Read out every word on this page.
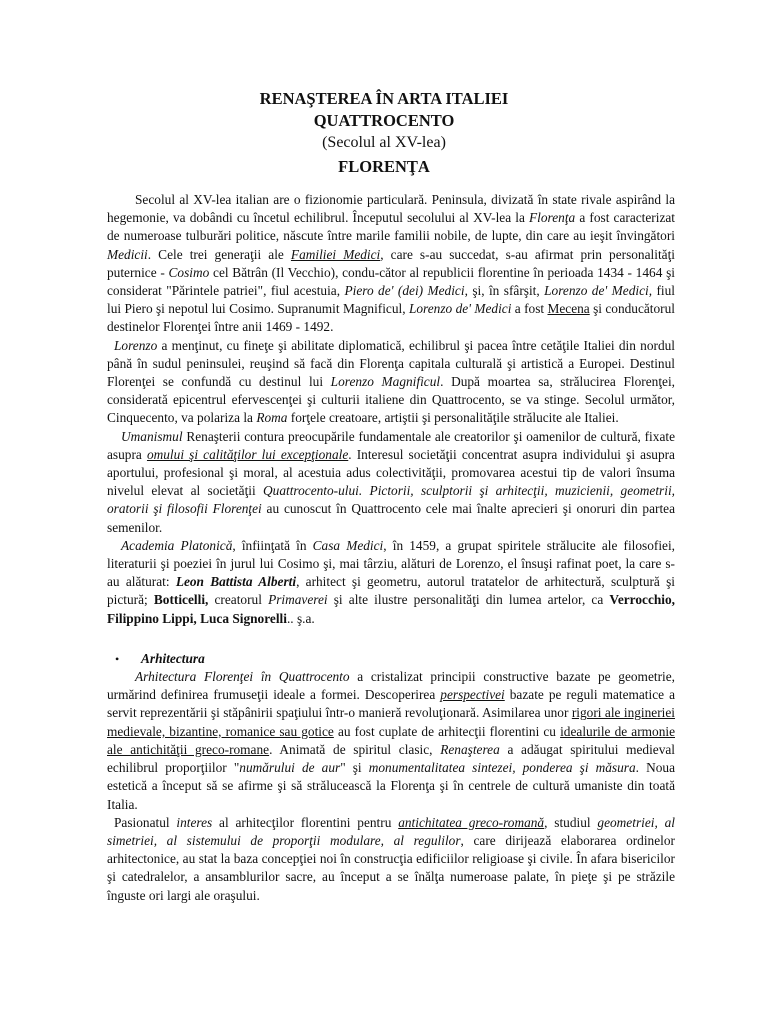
RENAŞTEREA ÎN ARTA ITALIEI
QUATTROCENTO
(Secolul al XV-lea)
FLORENŢA

Secolul al XV-lea italian are o fizionomie particulară. Peninsula, divizată în state rivale aspirând la hegemonie, va dobândi cu încetul echilibrul. Începutul secolului al XV-lea la Florenţa a fost caracterizat de numeroase tulburări politice, născute între marile familii nobile, de lupte, din care au ieşit învingători Medicii. Cele trei generaţii ale Familiei Medici, care s-au succedat, s-au afirmat prin personalităţi puternice - Cosimo cel Bătrân (Il Vecchio), condu-cător al republicii florentine în perioada 1434 - 1464 şi considerat "Părintele patriei", fiul acestuia, Piero de' (dei) Medici, şi, în sfârşit, Lorenzo de' Medici, fiul lui Piero şi nepotul lui Cosimo. Supranumit Magnificul, Lorenzo de' Medici a fost Mecena şi conducătorul destinelor Florenţei între anii 1469 - 1492.

Lorenzo a menţinut, cu fineţe şi abilitate diplomatică, echilibrul şi pacea între cetăţile Italiei din nordul până în sudul peninsulei, reuşind să facă din Florenţa capitala culturală şi artistică a Europei. Destinul Florenţei se confundă cu destinul lui Lorenzo Magnificul. După moartea sa, strălucirea Florenţei, considerată epicentrul efervescenţei şi culturii italiene din Quattrocento, se va stinge. Secolul următor, Cinquecento, va polariza la Roma forţele creatoare, artiştii şi personalităţile strălucite ale Italiei.

Umanismul Renaşterii contura preocupările fundamentale ale creatorilor şi oamenilor de cultură, fixate asupra omului şi calităţilor lui excepţionale. Interesul societăţii concentrat asupra individului şi asupra aportului, profesional şi moral, al acestuia adus colectivităţii, promovarea acestui tip de valori însuma nivelul elevat al societăţii Quattrocento-ului. Pictorii, sculptorii şi arhitecţii, muzicienii, geometrii, oratorii şi filosofii Florenţei au cunoscut în Quattrocento cele mai înalte aprecieri şi onoruri din partea semenilor.

Academia Platonică, înfiinţată în Casa Medici, în 1459, a grupat spiritele strălucite ale filosofiei, literaturii şi poeziei în jurul lui Cosimo şi, mai târziu, alături de Lorenzo, el însuşi rafinat poet, la care s-au alăturat: Leon Battista Alberti, arhitect şi geometru, autorul tratatelor de arhitectură, sculptură şi pictură; Botticelli, creatorul Primaverei şi alte ilustre personalităţi din lumea artelor, ca Verrocchio, Filippino Lippi, Luca Signorelli.. ş.a.

•	Arhitectura

Arhitectura Florenţei în Quattrocento a cristalizat principii constructive bazate pe geometrie, urmărind definirea frumuseţii ideale a formei. Descoperirea perspectivei bazate pe reguli matematice a servit reprezentării şi stăpânirii spaţiului într-o manieră revoluţionară. Asimilarea unor rigori ale ingineriei medievale, bizantine, romanice sau gotice au fost cuplate de arhitecţii florentini cu idealurile de armonie ale antichităţii greco-romane. Animată de spiritul clasic, Renaşterea a adăugat spiritului medieval echilibrul proporţiilor "numărului de aur" şi monumentalitatea sintezei, ponderea şi măsura. Noua estetică a început să se afirme şi să strălucească la Florenţa şi în centrele de cultură umaniste din toată Italia.

Pasionatul interes al arhitecţilor florentini pentru antichitatea greco-romană, studiul geometriei, al simetriei, al sistemului de proporţii modulare, al regulilor, care dirijează elaborarea ordinelor arhitectonice, au stat la baza concepţiei noi în construcţia edificiilor religioase şi civile. În afara bisericilor şi catedralelor, a ansamblurilor sacre, au început a se înălţa numeroase palate, în pieţe şi pe străzile înguste ori largi ale oraşului.
